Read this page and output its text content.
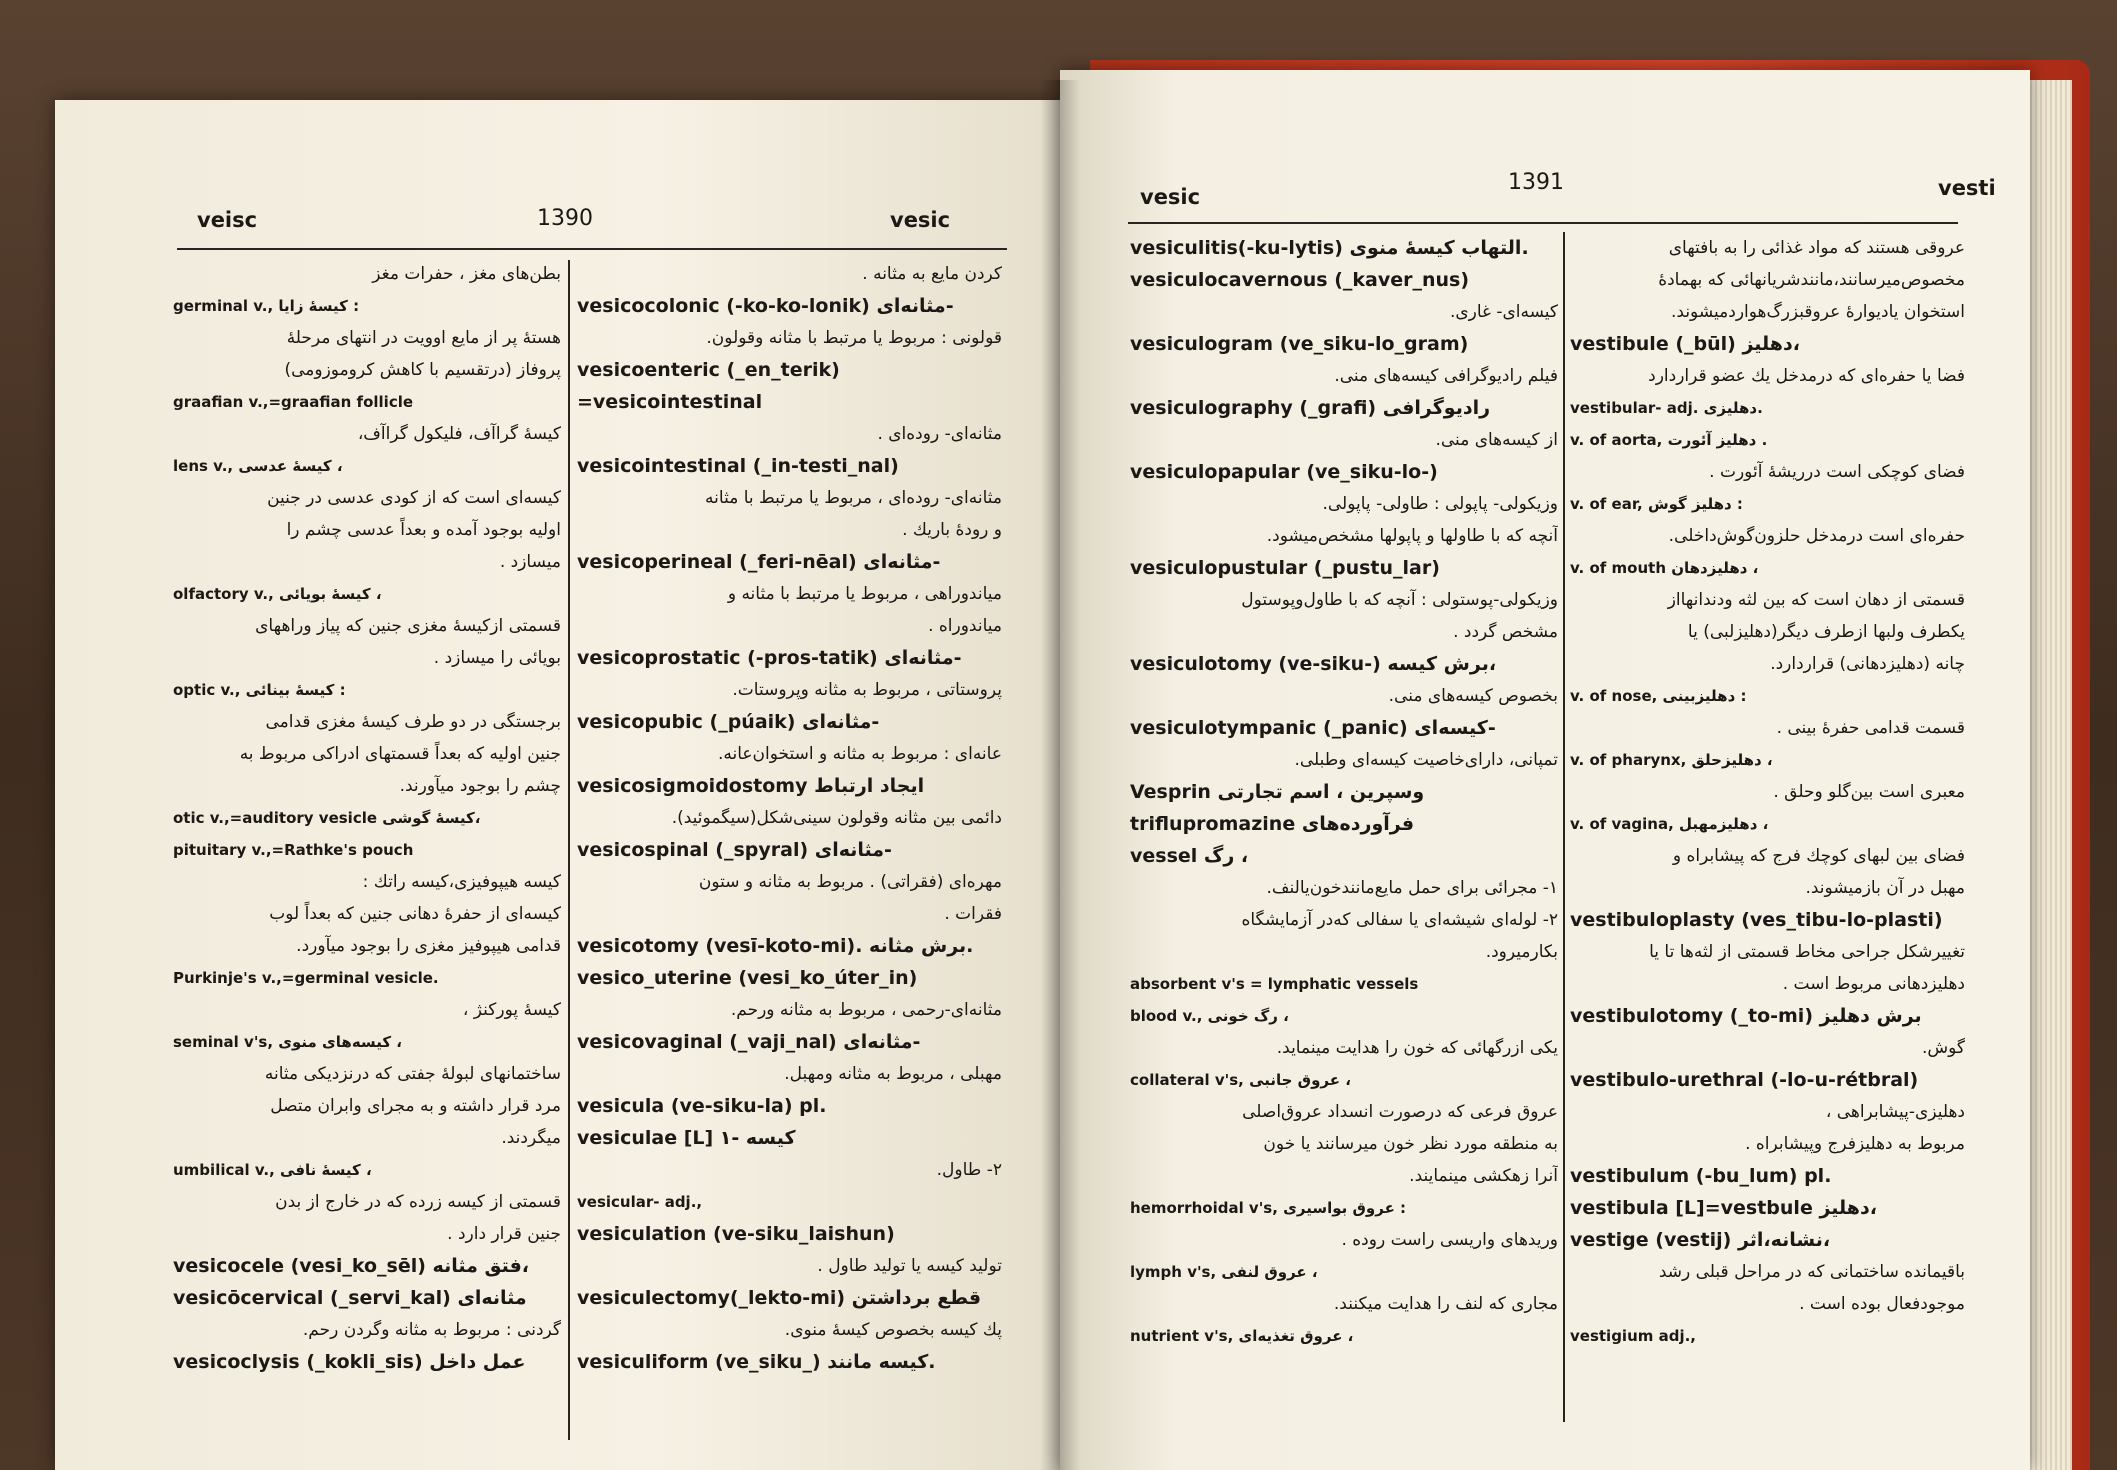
veisc	1390	vesic
بطن‌های مغز ، حفرات مغز
germinal v., کیسهٔ زایا :
هستهٔ پر از مایع اوویت در انتهای مرحلهٔ
پروفاز (درتقسیم با کاهش کروموزومی)
graafian v.,=graafian follicle
کیسهٔ گراآف، فلیکول گراآف،
lens v., کیسهٔ عدسی ،
کیسه‌ای است که از کودی عدسی در جنین
اولیه بوجود آمده و بعداً عدسی چشم را
میسازد .
olfactory v., کیسهٔ بویائی ،
قسمتی ازکیسهٔ مغزی جنین که پیاز وراههای
بویائی را میسازد .
optic v., کیسهٔ بینائی :
برجستگی در دو طرف کیسهٔ مغزی قدامی
جنین اولیه که بعداً قسمتهای ادراکی مربوط به
چشم را بوجود میآورند.
otic v.,=auditory vesicle کیسهٔ گوشی،
pituitary v.,=Rathke's pouch
کیسه هیپوفیزی،کیسه راتك :
کیسه‌ای از حفرهٔ دهانی جنین که بعداً لوب
قدامی هیپوفیز مغزی را بوجود میآورد.
Purkinje's v.,=germinal vesicle.
کیسهٔ پورکنژ ،
seminal v's, کیسه‌های منوی ،
ساختمانهای لبولهٔ جفتی که درنزدیکی مثانه
مرد قرار داشته و به مجرای وابران متصل
میگردند.
umbilical v., کیسهٔ نافی ،
قسمتی از کیسه زرده که در خارج از بدن
جنین قرار دارد .
vesicocele (vesi_ko_sēl) فتق مثانه،
vesicōcervical (_servi_kal) مثانه‌ای
گردنی : مربوط به مثانه وگردن رحم.
vesicoclysis (_kokli_sis) عمل داخل
کردن مایع به مثانه .
vesicocolonic (-ko-ko-lonik) مثانه‌ای-
قولونی : مربوط یا مرتبط با مثانه وقولون.
vesicoenteric (_en_terik)
=vesicointestinal
مثانه‌ای- روده‌ای .
vesicointestinal (_in-testi_nal)
مثانه‌ای- روده‌ای ، مربوط یا مرتبط با مثانه
و رودهٔ باریك .
vesicoperineal (_feri-nēal) مثانه‌ای-
میاندوراهی ، مربوط یا مرتبط با مثانه و
میاندوراه .
vesicoprostatic (-pros-tatik) مثانه‌ای-
پروستاتی ، مربوط به مثانه وپروستات.
vesicopubic (_púaik) مثانه‌ای-
عانه‌ای : مربوط به مثانه و استخوان‌عانه.
vesicosigmoidostomy ایجاد ارتباط
دائمی بین مثانه وقولون سینی‌شکل(سیگموئید).
vesicospinal (_spyral) مثانه‌ای-
مهره‌ای (فقراتی) . مربوط به مثانه و ستون
فقرات .
vesicotomy (vesī-koto-mi). برش مثانه.
vesico_uterine (vesi_ko_úter_in)
مثانه‌ای-رحمی ، مربوط به مثانه ورحم.
vesicovaginal (_vaji_nal) مثانه‌ای-
مهبلی ، مربوط به مثانه ومهبل.
vesicula (ve-siku-la) pl.
vesiculae [L] ۱- کیسه
۲- طاول.
vesicular- adj.,
vesiculation (ve-siku_laishun)
تولید کیسه یا تولید طاول .
vesiculectomy(_lekto-mi) قطع برداشتن
پك کیسه بخصوص کیسهٔ منوی.
vesiculiform (ve_siku_) کیسه مانند.
vesic
1391	vesti
vesiculitis(-ku-lytis) التهاب کیسهٔ منوی.
vesiculocavernous (_kaver_nus)
کیسه‌ای- غاری.
vesiculogram (ve_siku-lo_gram)
فیلم رادیوگرافی کیسه‌های منی.
vesiculography (_grafi) رادیوگرافی
از کیسه‌های منی.
vesiculopapular (ve_siku-lo-)
وزیکولی- پاپولی : طاولی- پاپولی.
آنچه که با طاولها و پاپولها مشخص‌میشود.
vesiculopustular (_pustu_lar)
وزیکولی-پوستولی : آنچه که با طاول‌وپوستول
مشخص گردد .
vesiculotomy (ve-siku-) برش کیسه،
بخصوص کیسه‌های منی.
vesiculotympanic (_panic) کیسه‌ای-
تمپانی، دارای‌خاصیت کیسه‌ای وطبلی.
Vesprin وسپرین ، اسم تجارتی
triflupromazine فرآورده‌های
vessel رگ ،
۱- مجرائی برای حمل مایع‌مانندخون‌یالنف.
۲- لوله‌ای شیشه‌ای یا سفالی که‌در آزمایشگاه
بکارمیرود.
absorbent v's = lymphatic vessels
blood v., رگ خونی ،
یکی ازرگهائی که خون را هدایت مینماید.
collateral v's, عروق جانبی ،
عروق فرعی که درصورت انسداد عروق‌اصلی
به منطقه مورد نظر خون میرسانند یا خون
آنرا زهکشی مینمایند.
hemorrhoidal v's, عروق بواسیری :
وریدهای واریسی راست روده .
lymph v's, عروق لنفی ،
مجاری که لنف را هدایت میکنند.
nutrient v's, عروق تغذیه‌ای ،
عروقی هستند که مواد غذائی را به بافتهای
مخصوص‌میرسانند،مانندشریانهائی که بهمادهٔ
استخوان یادیوارهٔ عروقبزرگ‌هواردمیشوند.
vestibule (_būl) دهلیز،
فضا یا حفره‌ای که درمدخل یك عضو قراردارد
vestibular- adj. دهلیزی.
v. of aorta, دهلیز آئورت .
فضای کوچکی است درریشهٔ آئورت .
v. of ear, دهلیز گوش :
حفره‌ای است درمدخل حلزون‌گوش‌داخلی.
v. of mouth دهلیزدهان ،
قسمتی از دهان است که بین لثه ودندانها‌از
یکطرف ولبها ازطرف دیگر(دهلیزلبی) یا
چانه (دهلیزدهانی) قراردارد.
v. of nose, دهلیزبینی :
قسمت قدامی حفرهٔ بینی .
v. of pharynx, دهلیزحلق ،
معبری است بین‌گلو وحلق .
v. of vagina, دهلیزمهبل ،
فضای بین لبهای کوچك فرج که پیشابراه و
مهبل در آن بازمیشوند.
vestibuloplasty (ves_tibu-lo-plasti)
تغییرشکل جراحی مخاط قسمتی از لثه‌ها تا یا
دهلیزدهانی مربوط است .
vestibulotomy (_to-mi) برش دهلیز
گوش.
vestibulo-urethral (-lo-u-rétbral)
دهلیزی-پیشابراهی ،
مربوط به دهلیزفرج وپیشابراه .
vestibulum (-bu_lum) pl.
vestibula [L]=vestbule دهلیز،
vestige (vestij) نشانه،اثر،
باقیمانده ساختمانی که در مراحل قبلی رشد
موجودفعال بوده است .
vestigium adj.,
